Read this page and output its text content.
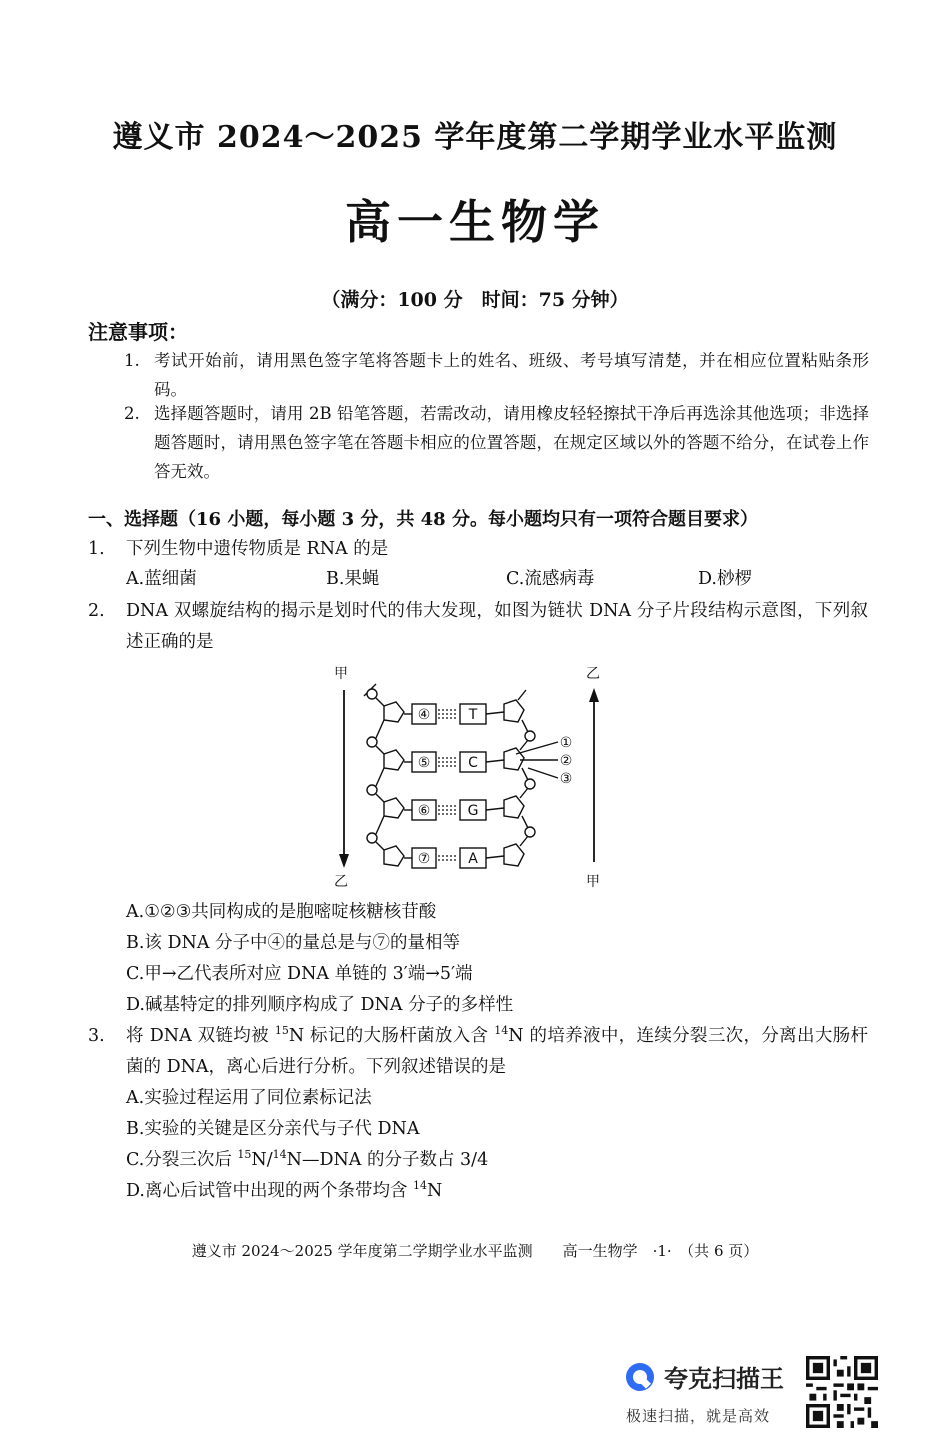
遵义市 2024～2025 学年度第二学期学业水平监测
高一生物学
（满分：100 分　时间：75 分钟）
注意事项：
1. 考试开始前，请用黑色签字笔将答题卡上的姓名、班级、考号填写清楚，并在相应位置粘贴条形码。
2. 选择题答题时，请用 2B 铅笔答题，若需改动，请用橡皮轻轻擦拭干净后再选涂其他选项；非选择题答题时，请用黑色签字笔在答题卡相应的位置答题，在规定区域以外的答题不给分，在试卷上作答无效。
一、选择题（16 小题，每小题 3 分，共 48 分。每小题均只有一项符合题目要求）
1.	下列生物中遗传物质是 RNA 的是
A.蓝细菌	B.果蝇	C.流感病毒	D.桫椤
2.	DNA 双螺旋结构的揭示是划时代的伟大发现，如图为链状 DNA 分子片段结构示意图，下列叙述正确的是
甲
乙
乙
甲
④
⑤
⑥
⑦
T
C
G
A
①
②
③
A.①②③共同构成的是胞嘧啶核糖核苷酸
B.该 DNA 分子中④的量总是与⑦的量相等
C.甲→乙代表所对应 DNA 单链的 3′端→5′端
D.碱基特定的排列顺序构成了 DNA 分子的多样性
3.	将 DNA 双链均被 $^{15}$N 标记的大肠杆菌放入含 $^{14}$N 的培养液中，连续分裂三次，分离出大肠杆菌的 DNA，离心后进行分析。下列叙述错误的是
A.实验过程运用了同位素标记法
B.实验的关键是区分亲代与子代 DNA
C.分裂三次后 $^{15}$N/$^{14}$N—DNA 的分子数占 3/4
D.离心后试管中出现的两个条带均含 $^{14}$N
遵义市 2024～2025 学年度第二学期学业水平监测　　高一生物学　·1·　（共 6 页）
夸克扫描王
极速扫描，就是高效
